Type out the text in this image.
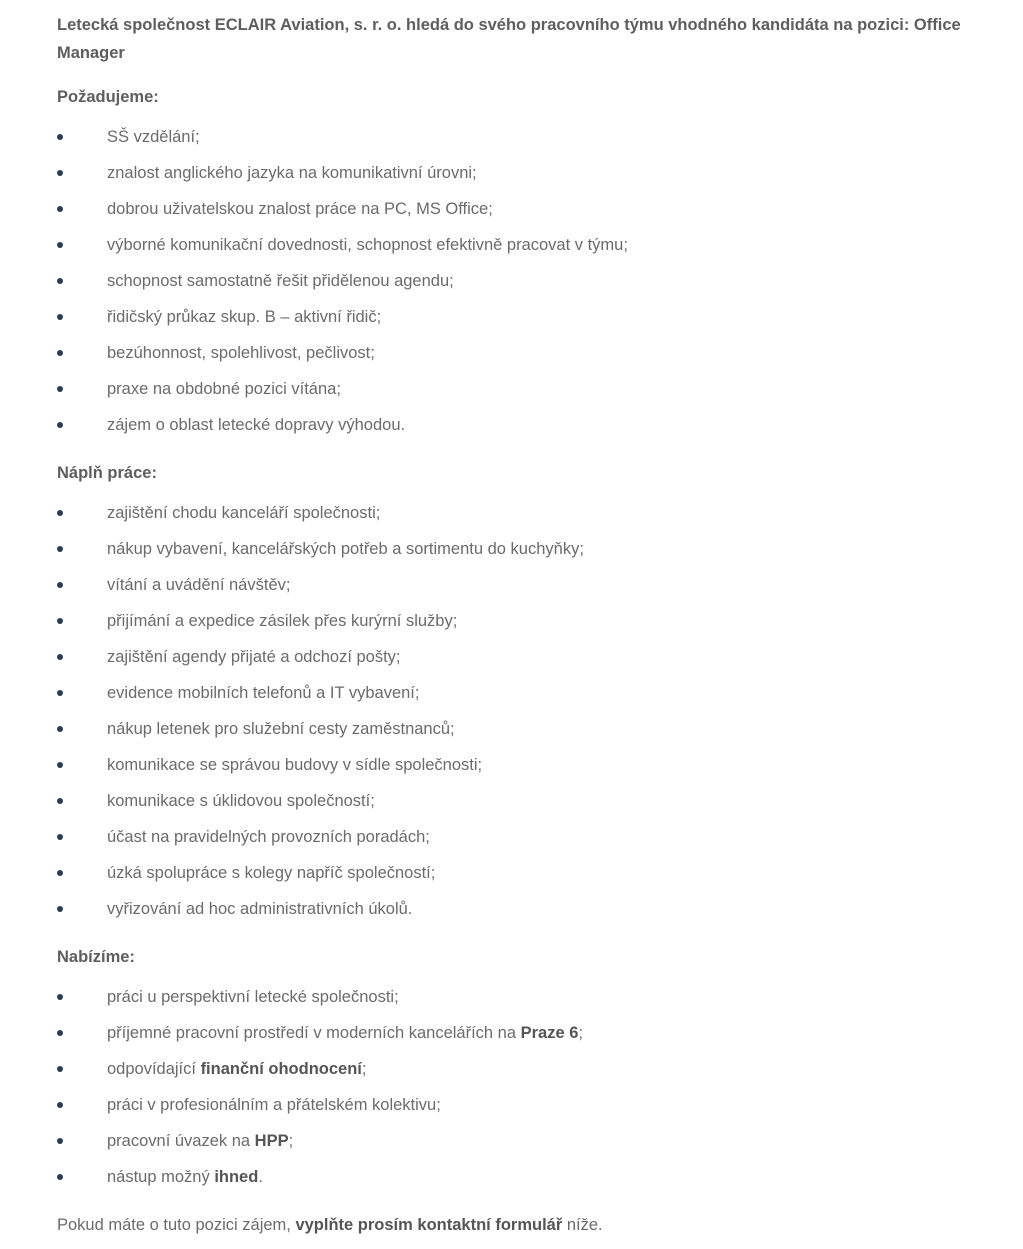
Letecká společnost ECLAIR Aviation, s. r. o. hledá do svého pracovního týmu vhodného kandidáta na pozici: Office Manager

Požadujeme:

SŠ vzdělání;
znalost anglického jazyka na komunikativní úrovni;
dobrou uživatelskou znalost práce na PC, MS Office;
výborné komunikační dovednosti, schopnost efektivně pracovat v týmu;
schopnost samostatně řešit přidělenou agendu;
řidičský průkaz skup. B – aktivní řidič;
bezúhonnost, spolehlivost, pečlivost;
praxe na obdobné pozici vítána;
zájem o oblast letecké dopravy výhodou.

Náplň práce:

zajištění chodu kanceláří společnosti;
nákup vybavení, kancelářských potřeb a sortimentu do kuchyňky;
vítání a uvádění návštěv;
přijímání a expedice zásilek přes kurýrní služby;
zajištění agendy přijaté a odchozí pošty;
evidence mobilních telefonů a IT vybavení;
nákup letenek pro služební cesty zaměstnanců;
komunikace se správou budovy v sídle společnosti;
komunikace s úklidovou společností;
účast na pravidelných provozních poradách;
úzká spolupráce s kolegy napříč společností;
vyřizování ad hoc administrativních úkolů.

Nabízíme:

práci u perspektivní letecké společnosti;
příjemné pracovní prostředí v moderních kancelářích na Praze 6;
odpovídající finanční ohodnocení;
práci v profesionálním a přátelském kolektivu;
pracovní úvazek na HPP;
nástup možný ihned.

Pokud máte o tuto pozici zájem, vyplňte prosím kontaktní formulář níže.
